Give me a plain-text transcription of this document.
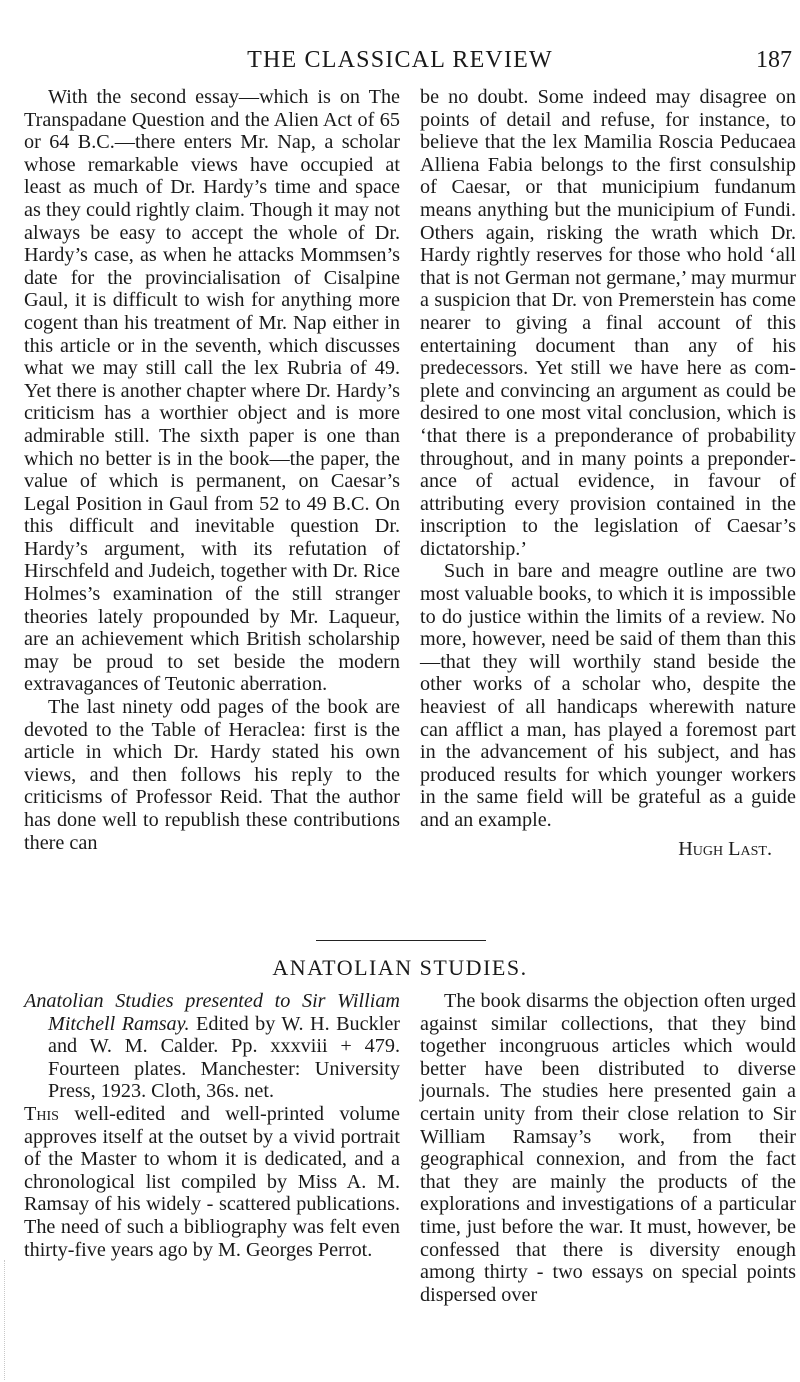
THE CLASSICAL REVIEW	187

With the second essay—which is on The Transpadane Question and the Alien Act of 65 or 64 B.C.—there enters Mr. Nap, a scholar whose remarkable views have occupied at least as much of Dr. Hardy’s time and space as they could rightly claim. Though it may not always be easy to accept the whole of Dr. Hardy’s case, as when he attacks Mommsen’s date for the provincialisation of Cisalpine Gaul, it is difficult to wish for anything more cogent than his treatment of Mr. Nap either in this article or in the seventh, which discusses what we may still call the lex Rubria of 49. Yet there is another chapter where Dr. Hardy’s criticism has a worthier object and is more admirable still. The sixth paper is one than which no better is in the book—the paper, the value of which is permanent, on Caesar’s Legal Position in Gaul from 52 to 49 B.C. On this difficult and inevitable question Dr. Hardy’s argument, with its refutation of Hirschfeld and Judeich, together with Dr. Rice Holmes’s examination of the still stranger theories lately propounded by Mr. Laqueur, are an achievement which British scholarship may be proud to set beside the modern extravagances of Teutonic aberration.

The last ninety odd pages of the book are devoted to the Table of Heraclea: first is the article in which Dr. Hardy stated his own views, and then follows his reply to the criticisms of Professor Reid. That the author has done well to republish these contributions there can

be no doubt. Some indeed may disagree on points of detail and refuse, for instance, to believe that the lex Mamilia Roscia Peducaea Alliena Fabia belongs to the first consulship of Caesar, or that municipium fundanum means anything but the municipium of Fundi. Others again, risking the wrath which Dr. Hardy rightly reserves for those who hold ‘all that is not German not germane,’ may murmur a suspicion that Dr. von Premerstein has come nearer to giving a final account of this entertaining document than any of his predecessors. Yet still we have here as complete and convincing an argument as could be desired to one most vital conclusion, which is ‘that there is a preponderance of probability throughout, and in many points a preponderance of actual evidence, in favour of attributing every provision contained in the inscription to the legislation of Caesar’s dictatorship.’

Such in bare and meagre outline are two most valuable books, to which it is impossible to do justice within the limits of a review. No more, however, need be said of them than this—that they will worthily stand beside the other works of a scholar who, despite the heaviest of all handicaps wherewith nature can afflict a man, has played a foremost part in the advancement of his subject, and has produced results for which younger workers in the same field will be grateful as a guide and an example.

Hugh Last.
ANATOLIAN STUDIES.

Anatolian Studies presented to Sir William Mitchell Ramsay. Edited by W. H. Buckler and W. M. Calder. Pp. xxxviii + 479. Fourteen plates. Manchester: University Press, 1923. Cloth, 36s. net.

This well-edited and well-printed volume approves itself at the outset by a vivid portrait of the Master to whom it is dedicated, and a chronological list compiled by Miss A. M. Ramsay of his widely - scattered publications. The need of such a bibliography was felt even thirty-five years ago by M. Georges Perrot.

The book disarms the objection often urged against similar collections, that they bind together incongruous articles which would better have been distributed to diverse journals. The studies here presented gain a certain unity from their close relation to Sir William Ramsay’s work, from their geographical connexion, and from the fact that they are mainly the products of the explorations and investigations of a particular time, just before the war. It must, however, be confessed that there is diversity enough among thirty - two essays on special points dispersed over
